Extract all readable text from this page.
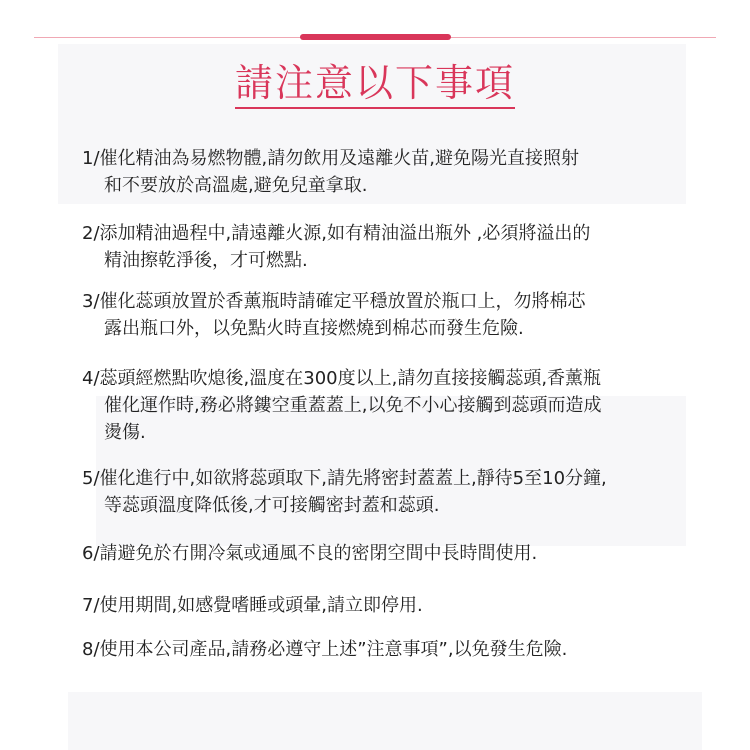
請注意以下事項
1/催化精油為易燃物體,請勿飲用及遠離火苗,避免陽光直接照射
和不要放於高溫處,避免兒童拿取.
2/添加精油過程中,請遠離火源,如有精油溢出瓶外 ,必須將溢出的
精油擦乾淨後，才可燃點.
3/催化蕊頭放置於香薰瓶時請確定平穩放置於瓶口上，勿將棉芯
露出瓶口外，以免點火時直接燃燒到棉芯而發生危險.
4/蕊頭經燃點吹熄後,溫度在300度以上,請勿直接接觸蕊頭,香薰瓶
催化運作時,務必將鏤空重蓋蓋上,以免不小心接觸到蕊頭而造成
燙傷.
5/催化進行中,如欲將蕊頭取下,請先將密封蓋蓋上,靜待5至10分鐘,
等蕊頭溫度降低後,才可接觸密封蓋和蕊頭.
6/請避免於冇開冷氣或通風不良的密閉空間中長時間使用.
7/使用期間,如感覺嗜睡或頭暈,請立即停用.
8/使用本公司產品,請務必遵守上述”注意事項”,以免發生危險.
